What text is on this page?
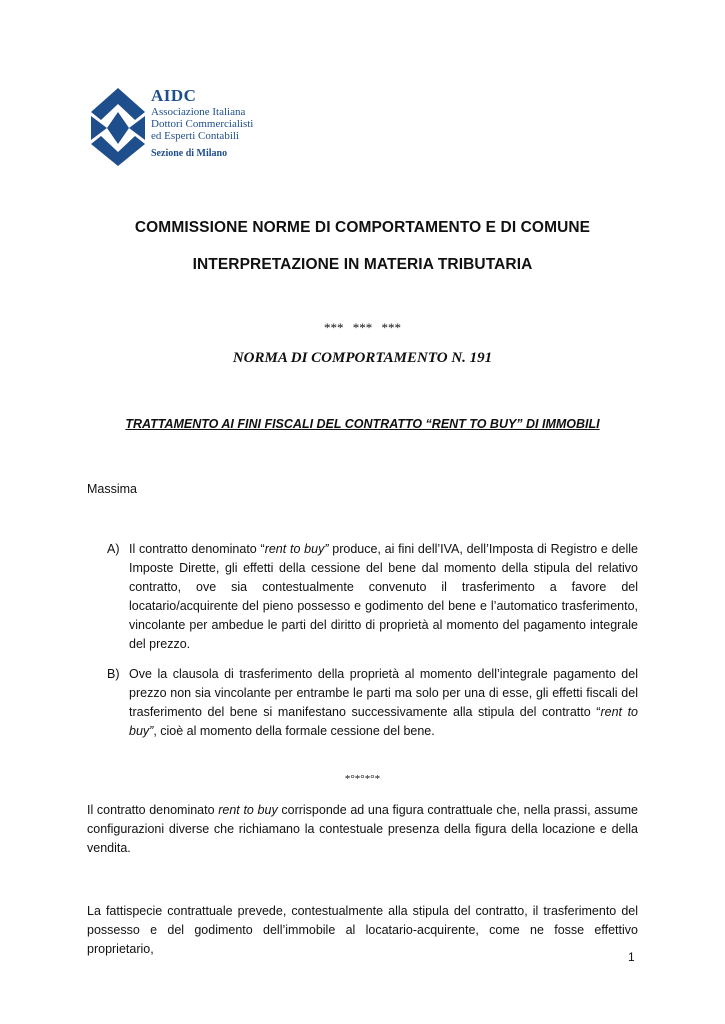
AIDC
Associazione Italiana
Dottori Commercialisti
ed Esperti Contabili
Sezione di Milano
COMMISSIONE NORME DI COMPORTAMENTO E DI COMUNE
INTERPRETAZIONE IN MATERIA TRIBUTARIA
*** *** ***
NORMA DI COMPORTAMENTO N. 191
TRATTAMENTO AI FINI FISCALI DEL CONTRATTO “RENT TO BUY” DI IMMOBILI
Massima
A) Il contratto denominato “rent to buy” produce, ai fini dell’IVA, dell’Imposta di Registro e delle Imposte Dirette, gli effetti della cessione del bene dal momento della stipula del relativo contratto, ove sia contestualmente convenuto il trasferimento a favore del locatario/acquirente del pieno possesso e godimento del bene e l’automatico trasferimento, vincolante per ambedue le parti del diritto di proprietà al momento del pagamento integrale del prezzo.
B) Ove la clausola di trasferimento della proprietà al momento dell’integrale pagamento del prezzo non sia vincolante per entrambe le parti ma solo per una di esse, gli effetti fiscali del trasferimento del bene si manifestano successivamente alla stipula del contratto “rent to buy”, cioè al momento della formale cessione del bene.
*°*°*°*
Il contratto denominato rent to buy corrisponde ad una figura contrattuale che, nella prassi, assume configurazioni diverse che richiamano la contestuale presenza della figura della locazione e della vendita.
La fattispecie contrattuale prevede, contestualmente alla stipula del contratto, il trasferimento del possesso e del godimento dell’immobile al locatario-acquirente, come ne fosse effettivo proprietario,
1
